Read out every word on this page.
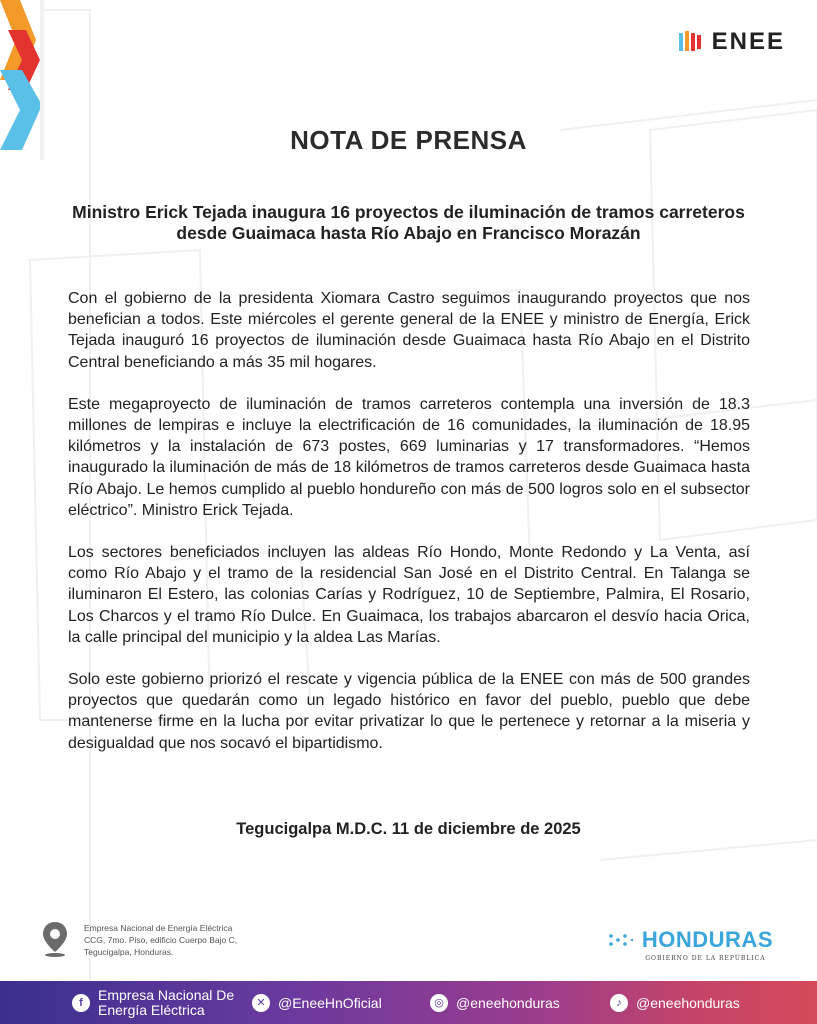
ENEE
NOTA DE PRENSA
Ministro Erick Tejada inaugura 16 proyectos de iluminación de tramos carreteros desde Guaimaca hasta Río Abajo en Francisco Morazán

Con el gobierno de la presidenta Xiomara Castro seguimos inaugurando proyectos que nos benefician a todos. Este miércoles el gerente general de la ENEE y ministro de Energía, Erick Tejada inauguró 16 proyectos de iluminación desde Guaimaca hasta Río Abajo en el Distrito Central beneficiando a más 35 mil hogares.

Este megaproyecto de iluminación de tramos carreteros contempla una inversión de 18.3 millones de lempiras e incluye la electrificación de 16 comunidades, la iluminación de 18.95 kilómetros y la instalación de 673 postes, 669 luminarias y 17 transformadores. “Hemos inaugurado la iluminación de más de 18 kilómetros de tramos carreteros desde Guaimaca hasta Río Abajo. Le hemos cumplido al pueblo hondureño con más de 500 logros solo en el subsector eléctrico”. Ministro Erick Tejada.

Los sectores beneficiados incluyen las aldeas Río Hondo, Monte Redondo y La Venta, así como Río Abajo y el tramo de la residencial San José en el Distrito Central. En Talanga se iluminaron El Estero, las colonias Carías y Rodríguez, 10 de Septiembre, Palmira, El Rosario, Los Charcos y el tramo Río Dulce. En Guaimaca, los trabajos abarcaron el desvío hacia Orica, la calle principal del municipio y la aldea Las Marías.

Solo este gobierno priorizó el rescate y vigencia pública de la ENEE con más de 500 grandes proyectos que quedarán como un legado histórico en favor del pueblo, pueblo que debe mantenerse firme en la lucha por evitar privatizar lo que le pertenece y retornar a la miseria y desigualdad que nos socavó el bipartidismo.

Tegucigalpa M.D.C. 11 de diciembre de 2025

Empresa Nacional de Energía Eléctrica
CCG, 7mo. Piso, edificio Cuerpo Bajo C,
Tegucigalpa, Honduras.	HONDURAS
GOBIERNO DE LA REPÚBLICA
f	Empresa Nacional De
Energía Eléctrica	✕ @EneeHnOficial	◎ @eneehonduras	♪	@eneehonduras
